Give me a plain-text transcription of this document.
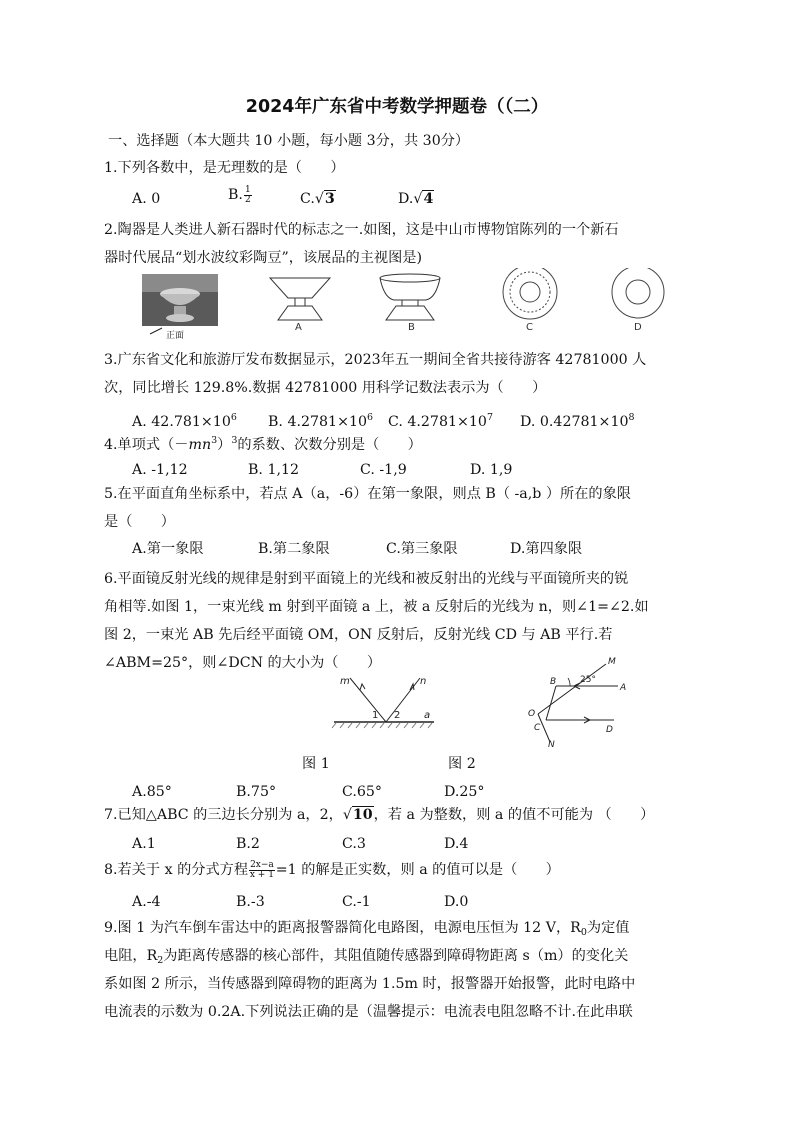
2024年广东省中考数学押题卷（（二）
一、选择题（本大题共 10 小题，每小题 3分，共 30分）
1.下列各数中，是无理数的是（　　）
A. 0	B. $\frac{1}{2}$	C.√3	D.√4
2.陶器是人类进人新石器时代的标志之一.如图，这是中山市博物馆陈列的一个新石
器时代展品“划水波纹彩陶豆”，该展品的主视图是)
正面
A	B	C	D
3.广东省文化和旅游厅发布数据显示，2023年五一期间全省共接待游客 42781000 人
次，同比增长 129.8%.数据 42781000 用科学记数法表示为（　　）
A. $42.781\times 10^6$ B. $4.2781\times 10^6$ C. $4.2781\times 10^7$ D. $0.42781\times 10^8$
4.单项式$(-mn^3)^3$的系数、次数分别是（　　）
A. -1,12	B. 1,12	C. -1,9	D. 1,9
5.在平面直角坐标系中，若点 A（a，-6）在第一象限，则点 B（ -a,b ）所在的象限
是（　　）
A.第一象限	B.第二象限	C.第三象限	D.第四象限
6.平面镜反射光线的规律是射到平面镜上的光线和被反射出的光线与平面镜所夹的锐
角相等.如图 1，一束光线 m 射到平面镜 a 上，被 a 反射后的光线为 n，则∠1=∠2.如
图 2，一束光 AB 先后经平面镜 OM，ON 反射后，反射光线 CD 与 AB 平行.若
∠ABM=25°，则∠DCN 的大小为（　　）
m	n
1 2 a
M
B	25°
A
O
C	D
N
图 1	图 2
A.85°	B.75°	C.65°	D.25°
7.已知△ABC 的三边长分别为 a，2，√10，若 a 为整数，则 a 的值不可能为 （　　）
A.1	B.2	C.3	D.4
8.若关于 x 的分式方程 $\frac{2x-a}{x + 1} =1$ 的解是正实数，则 a 的值可以是（　　）
A.-4	B.-3	C.-1	D.0
9.图 1 为汽车倒车雷达中的距离报警器简化电路图，电源电压恒为 12 V，$R_0$为定值
电阻，$R_2$为距离传感器的核心部件，其阻值随传感器到障碍物距离 s（m）的变化关
系如图 2 所示，当传感器到障碍物的距离为 1.5m 时，报警器开始报警，此时电路中
电流表的示数为 0.2A.下列说法正确的是（温馨提示：电流表电阻忽略不计.在此串联
